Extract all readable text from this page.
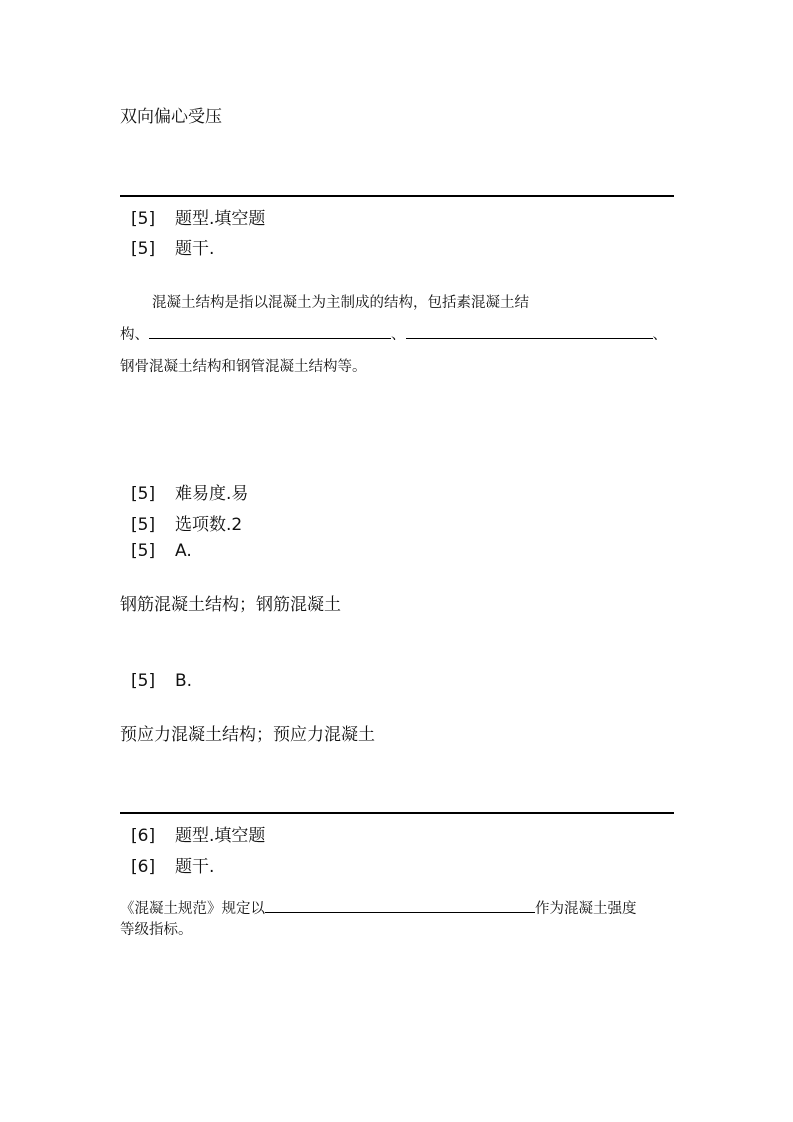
双向偏心受压
[5] 题型.填空题
[5] 题干.
混凝土结构是指以混凝土为主制成的结构，包括素混凝土结
构、	、	、
钢骨混凝土结构和钢管混凝土结构等。
[5] 难易度.易
[5] 选项数.2
[5] A.
钢筋混凝土结构；钢筋混凝土
[5] B.
预应力混凝土结构；预应力混凝土
[6] 题型.填空题
[6] 题干.
《混凝土规范》规定以	作为混凝土强度
等级指标。
